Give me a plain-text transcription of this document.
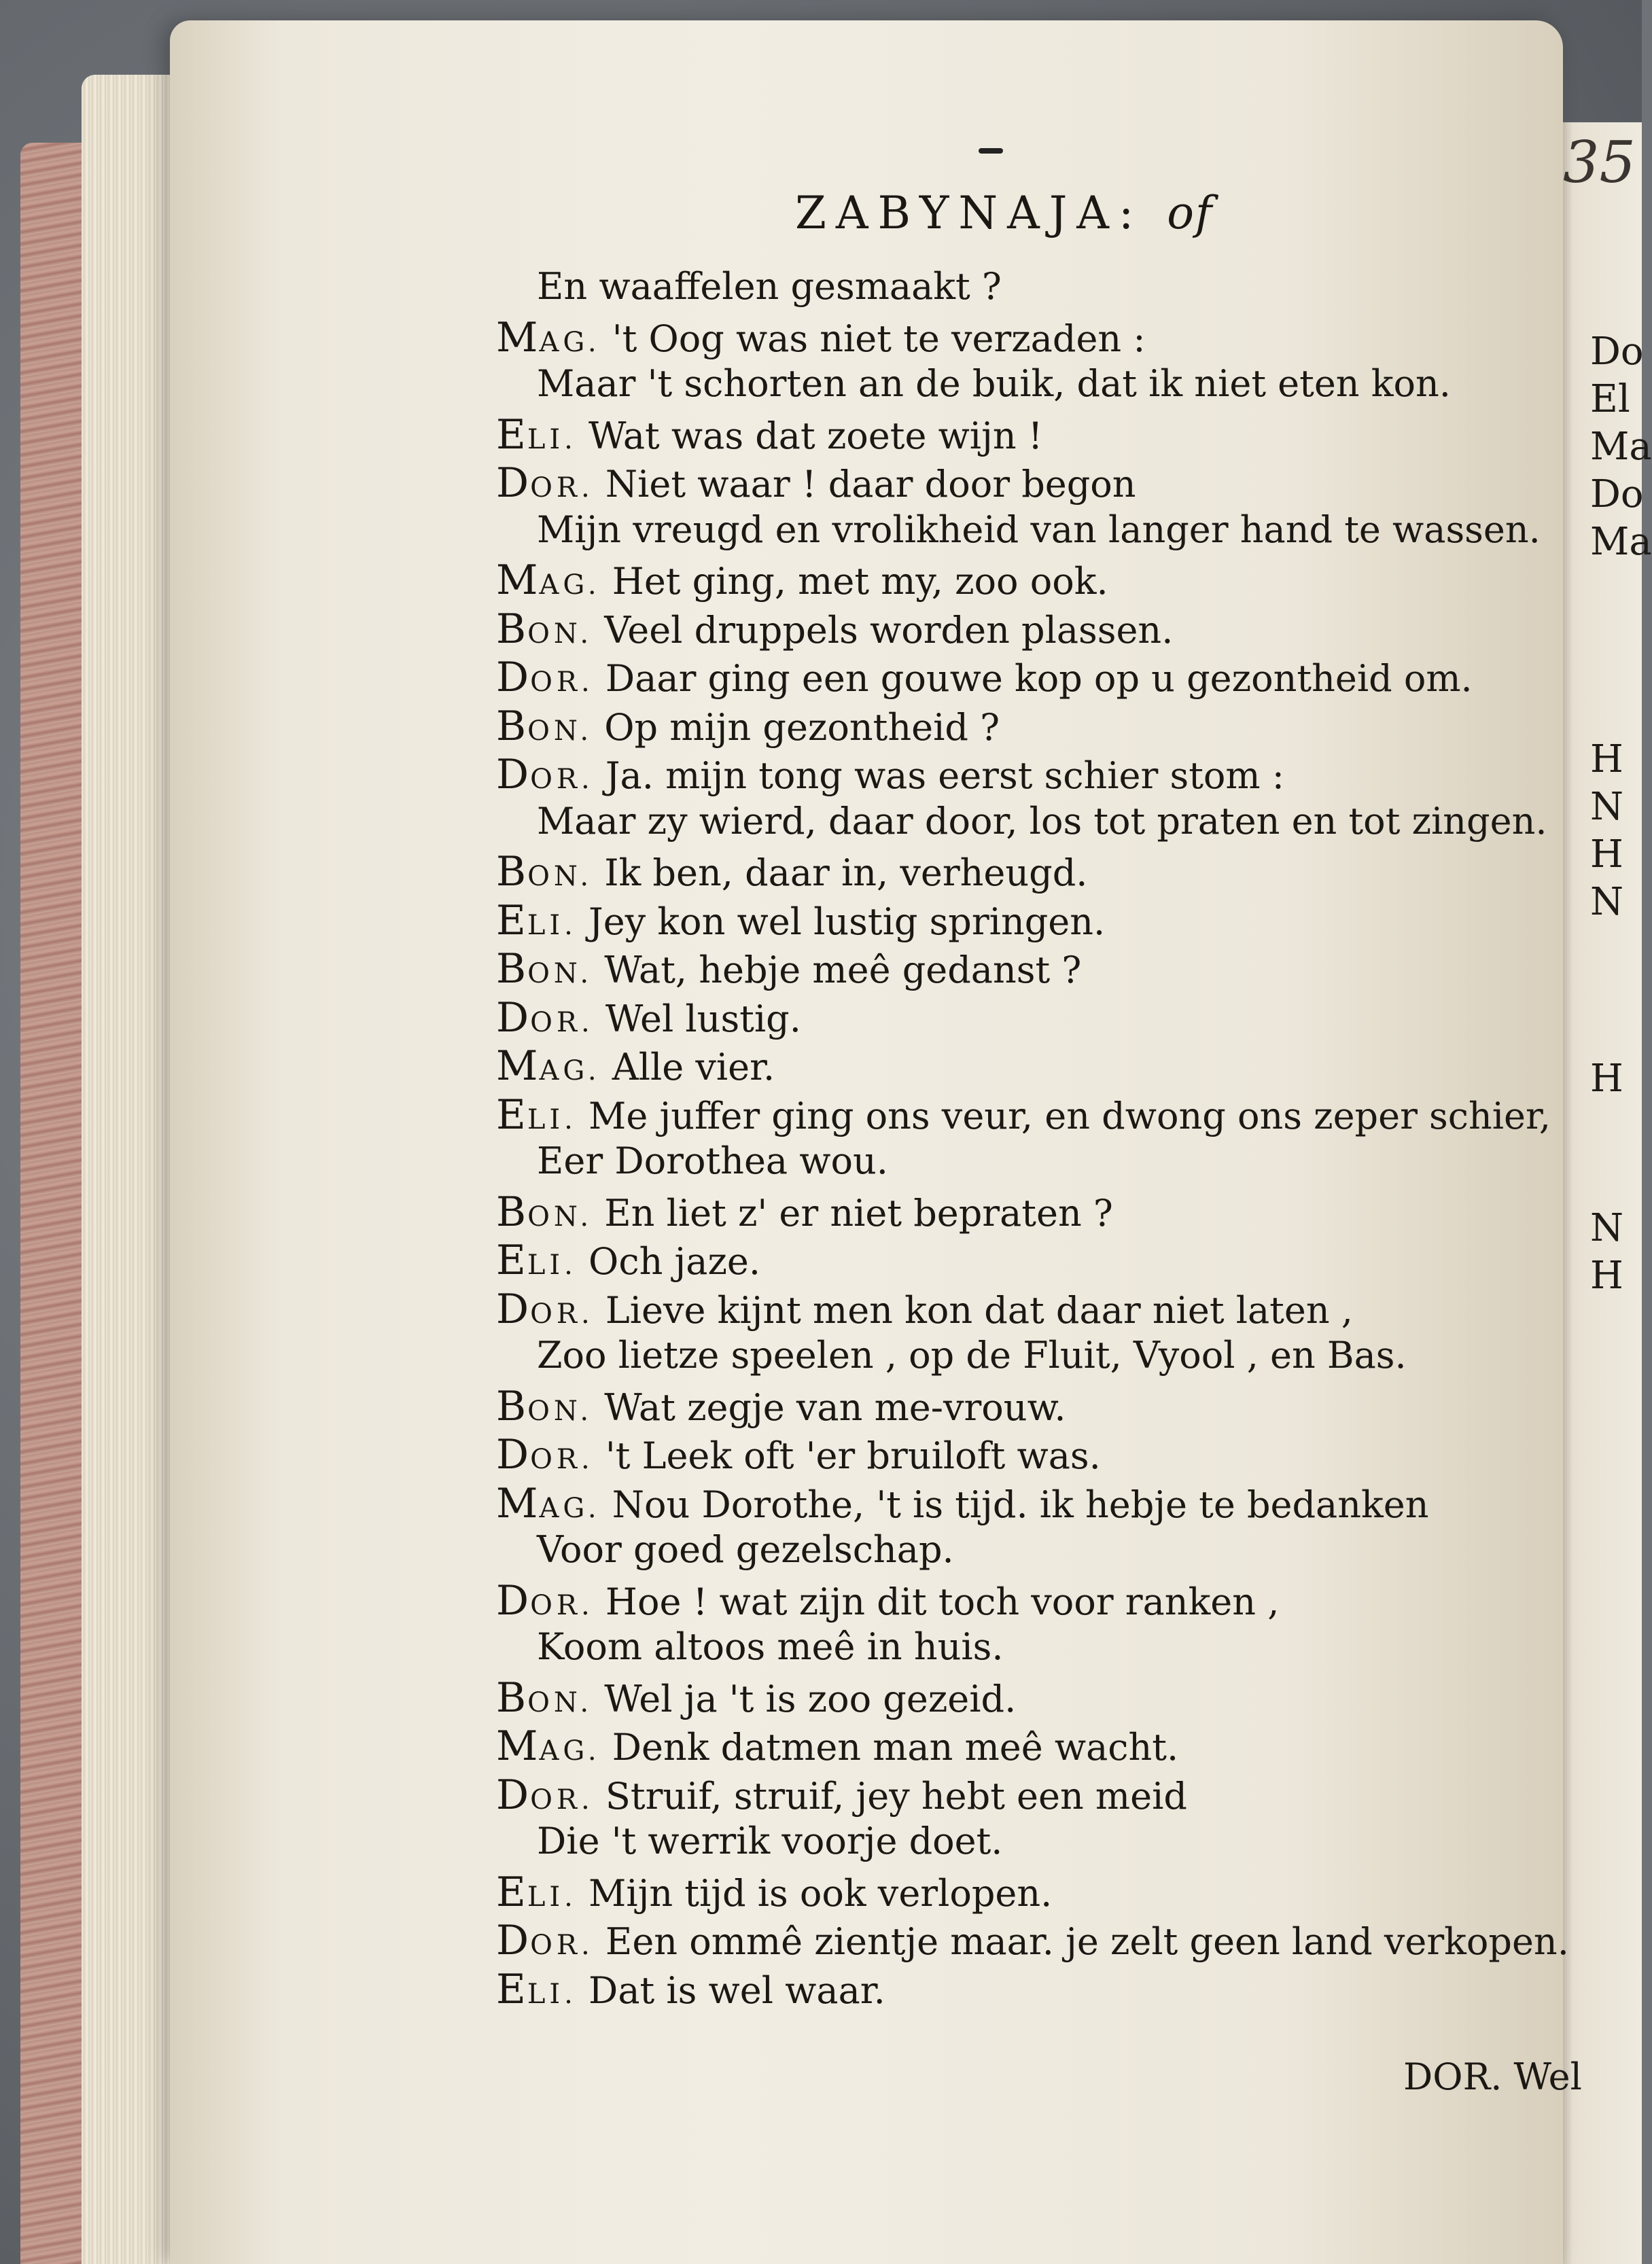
35
Do
El
Ma
Do
Ma
H
N
H
N
H
N
H
ZABYNAJA: of
En waaffelen gesmaakt ?
MAG. 't Oog was niet te verzaden :
Maar 't schorten an de buik, dat ik niet eten kon.
ELI. Wat was dat zoete wijn !
DOR. Niet waar ! daar door begon
Mijn vreugd en vrolikheid van langer hand te wassen.
MAG. Het ging, met my, zoo ook.
BON. Veel druppels worden plassen.
DOR. Daar ging een gouwe kop op u gezontheid om.
BON. Op mijn gezontheid ?
DOR. Ja. mijn tong was eerst schier stom :
Maar zy wierd, daar door, los tot praten en tot zingen.
BON. Ik ben, daar in, verheugd.
ELI. Jey kon wel lustig springen.
BON. Wat, hebje meê gedanst ?
DOR. Wel lustig.
MAG. Alle vier.
ELI. Me juffer ging ons veur, en dwong ons zeper schier,
Eer Dorothea wou.
BON. En liet z' er niet bepraten ?
ELI. Och jaze.
DOR. Lieve kijnt men kon dat daar niet laten ,
Zoo lietze speelen , op de Fluit, Vyool , en Bas.
BON. Wat zegje van me-vrouw.
DOR. 't Leek oft 'er bruiloft was.
MAG. Nou Dorothe, 't is tijd. ik hebje te bedanken
Voor goed gezelschap.
DOR. Hoe ! wat zijn dit toch voor ranken ,
Koom altoos meê in huis.
BON. Wel ja 't is zoo gezeid.
MAG. Denk datmen man meê wacht.
DOR. Struif, struif, jey hebt een meid
Die 't werrik voorje doet.
ELI. Mijn tijd is ook verlopen.
DOR. Een ommê zientje maar. je zelt geen land verkopen.
ELI. Dat is wel waar.
DOR. Wel
